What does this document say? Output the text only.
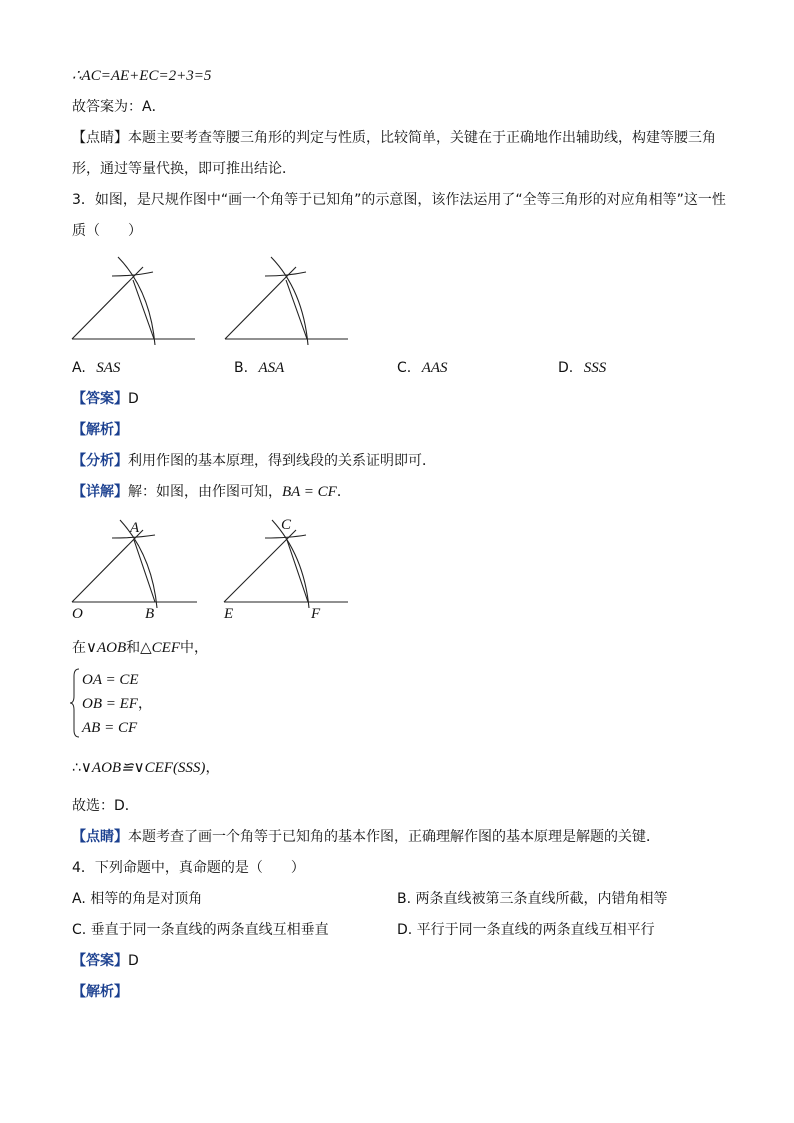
∴AC=AE+EC=2+3=5
故答案为：A．
【点睛】本题主要考查等腰三角形的判定与性质，比较简单，关键在于正确地作出辅助线，构建等腰三角
形，通过等量代换，即可推出结论．
3．如图，是尺规作图中“画一个角等于已知角”的示意图，该作法运用了“全等三角形的对应角相等”这一性
质（　　）
A. SAS	B. ASA	C. AAS	D. SSS
【答案】D
【解析】
【分析】利用作图的基本原理，得到线段的关系证明即可．
【详解】解：如图，由作图可知，BA = CF．
A
O	B
C
E	F
在∨AOB和△CEF中，
OA = CE
OB = EF，
AB = CF
∴∨AOB≌∨CEF(SSS)，
故选：D．
【点睛】本题考查了画一个角等于已知角的基本作图，正确理解作图的基本原理是解题的关键．
4．下列命题中，真命题的是（　　）
A. 相等的角是对顶角	B. 两条直线被第三条直线所截，内错角相等
C. 垂直于同一条直线的两条直线互相垂直	D. 平行于同一条直线的两条直线互相平行
【答案】D
【解析】
